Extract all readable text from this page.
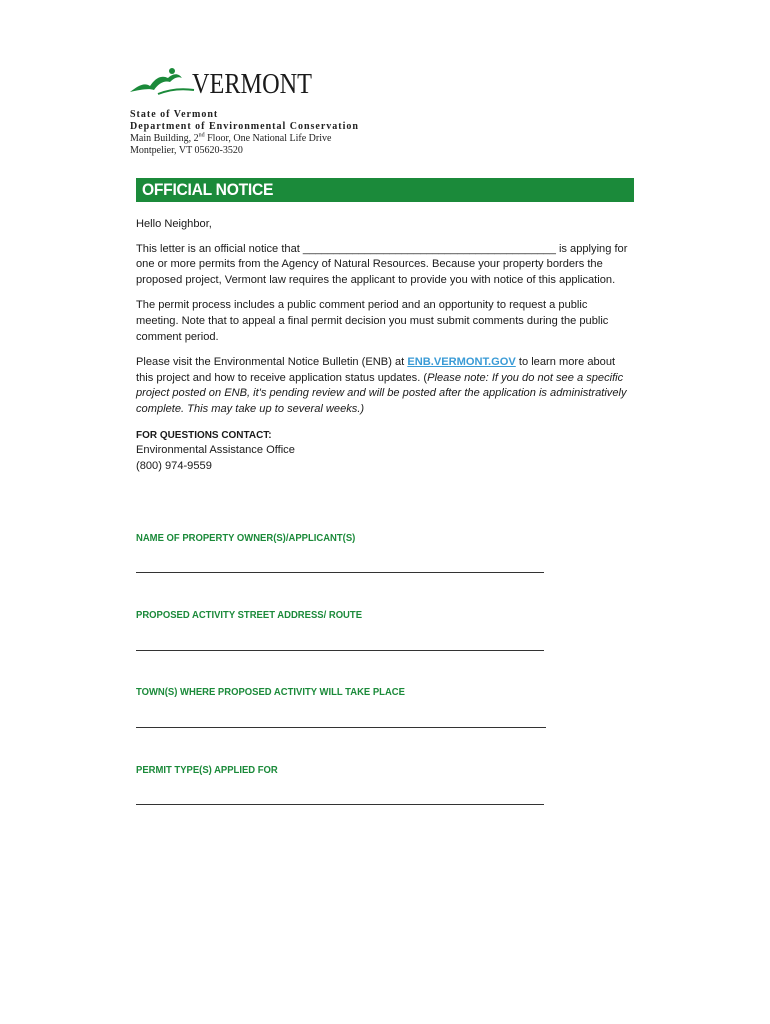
VERMONT
State of Vermont
Department of Environmental Conservation
Main Building, 2nd Floor, One National Life Drive
Montpelier, VT 05620-3520
OFFICIAL NOTICE

Hello Neighbor,

This letter is an official notice that _________________________________________ is applying for one or more permits from the Agency of Natural Resources. Because your property borders the proposed project, Vermont law requires the applicant to provide you with notice of this application.

The permit process includes a public comment period and an opportunity to request a public meeting. Note that to appeal a final permit decision you must submit comments during the public comment period.

Please visit the Environmental Notice Bulletin (ENB) at ENB.VERMONT.GOV to learn more about this project and how to receive application status updates. (Please note: If you do not see a specific project posted on ENB, it's pending review and will be posted after the application is administratively complete. This may take up to several weeks.)

FOR QUESTIONS CONTACT:

Environmental Assistance Office

(800) 974-9559

NAME OF PROPERTY OWNER(S)/APPLICANT(S)
PROPOSED ACTIVITY STREET ADDRESS/ ROUTE
TOWN(S) WHERE PROPOSED ACTIVITY WILL TAKE PLACE
PERMIT TYPE(S) APPLIED FOR
